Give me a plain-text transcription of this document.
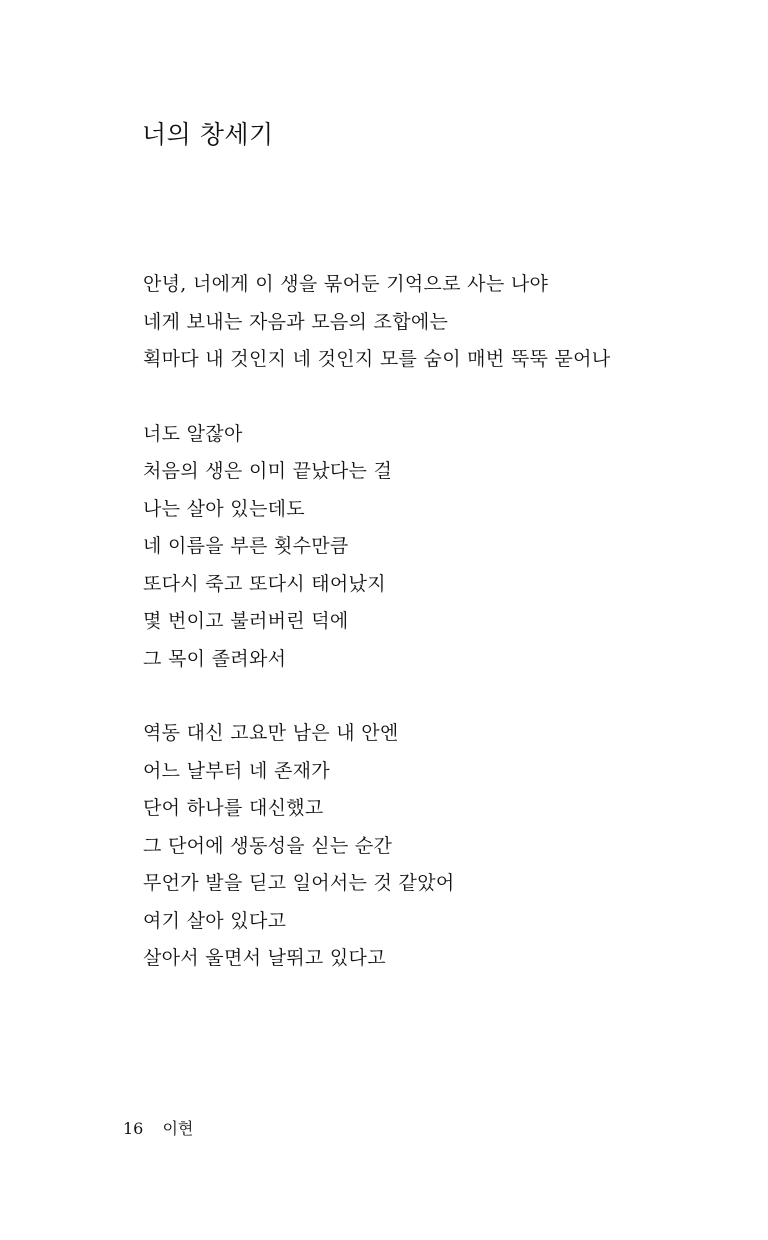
너의 창세기
안녕, 너에게 이 생을 묶어둔 기억으로 사는 나야
네게 보내는 자음과 모음의 조합에는
획마다 내 것인지 네 것인지 모를 숨이 매번 뚝뚝 묻어나
너도 알잖아
처음의 생은 이미 끝났다는 걸
나는 살아 있는데도
네 이름을 부른 횟수만큼
또다시 죽고 또다시 태어났지
몇 번이고 불러버린 덕에
그 목이 졸려와서
역동 대신 고요만 남은 내 안엔
어느 날부터 네 존재가
단어 하나를 대신했고
그 단어에 생동성을 싣는 순간
무언가 발을 딛고 일어서는 것 같았어
여기 살아 있다고
살아서 울면서 날뛰고 있다고
16 이현
